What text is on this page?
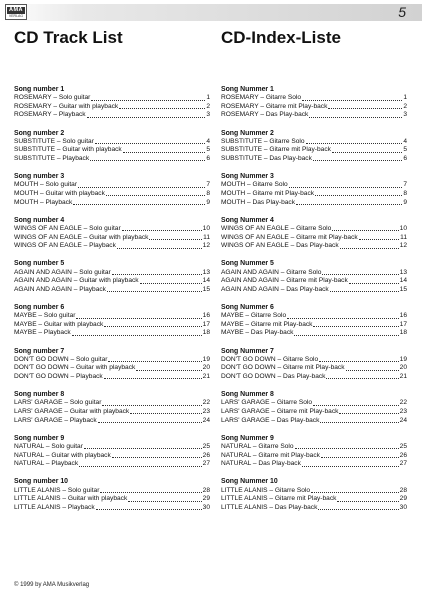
AMA
VERLAG	5
CD Track List	CD-Index-Liste
Song number 1
ROSEMARY – Solo guitar	1
ROSEMARY – Guitar with playback	2
ROSEMARY – Playback	3
Song number 2
SUBSTITUTE – Solo guitar	4
SUBSTITUTE – Guitar with playback	5
SUBSTITUTE – Playback	6
Song number 3
MOUTH – Solo guitar	7
MOUTH – Guitar with playback	8
MOUTH – Playback	9
Song number 4
WINGS OF AN EAGLE – Solo guitar	10
WINGS OF AN EAGLE – Guitar with playback	11
WINGS OF AN EAGLE – Playback	12
Song number 5
AGAIN AND AGAIN – Solo guitar	13
AGAIN AND AGAIN – Guitar with playback	14
AGAIN AND AGAIN – Playback	15
Song number 6
MAYBE – Solo guitar	16
MAYBE – Guitar with playback	17
MAYBE – Playback	18
Song number 7
DON'T GO DOWN – Solo guitar	19
DON'T GO DOWN – Guitar with playback	20
DON'T GO DOWN – Playback	21
Song number 8
LARS' GARAGE – Solo guitar	22
LARS' GARAGE – Guitar with playback	23
LARS' GARAGE – Playback	24
Song number 9
NATURAL – Solo guitar	25
NATURAL – Guitar with playback	26
NATURAL – Playback	27
Song number 10
LITTLE ALANIS – Solo guitar	28
LITTLE ALANIS – Guitar with playback	29
LITTLE ALANIS – Playback	30
Song Nummer 1
ROSEMARY – Gitarre Solo	1
ROSEMARY – Gitarre mit Play-back	2
ROSEMARY – Das Play-back	3
Song Nummer 2
SUBSTITUTE – Gitarre Solo	4
SUBSTITUTE – Gitarre mit Play-back	5
SUBSTITUTE – Das Play-back	6
Song Nummer 3
MOUTH – Gitarre Solo	7
MOUTH – Gitarre mit Play-back	8
MOUTH – Das Play-back	9
Song Nummer 4
WINGS OF AN EAGLE – Gitarre Solo	10
WINGS OF AN EAGLE – Gitarre mit Play-back	11
WINGS OF AN EAGLE – Das Play-back	12
Song Nummer 5
AGAIN AND AGAIN – Gitarre Solo	13
AGAIN AND AGAIN – Gitarre mit Play-back	14
AGAIN AND AGAIN – Das Play-back	15
Song Nummer 6
MAYBE – Gitarre Solo	16
MAYBE – Gitarre mit Play-back	17
MAYBE – Das Play-back	18
Song Nummer 7
DON'T GO DOWN – Gitarre Solo	19
DON'T GO DOWN – Gitarre mit Play-back	20
DON'T GO DOWN – Das Play-back	21
Song Nummer 8
LARS' GARAGE – Gitarre Solo	22
LARS' GARAGE – Gitarre mit Play-back	23
LARS' GARAGE – Das Play-back	24
Song Nummer 9
NATURAL – Gitarre Solo	25
NATURAL – Gitarre mit Play-back	26
NATURAL – Das Play-back	27
Song Nummer 10
LITTLE ALANIS – Gitarre Solo	28
LITTLE ALANIS – Gitarre mit Play-back	29
LITTLE ALANIS – Das Play-back	30
© 1999 by AMA Musikverlag
